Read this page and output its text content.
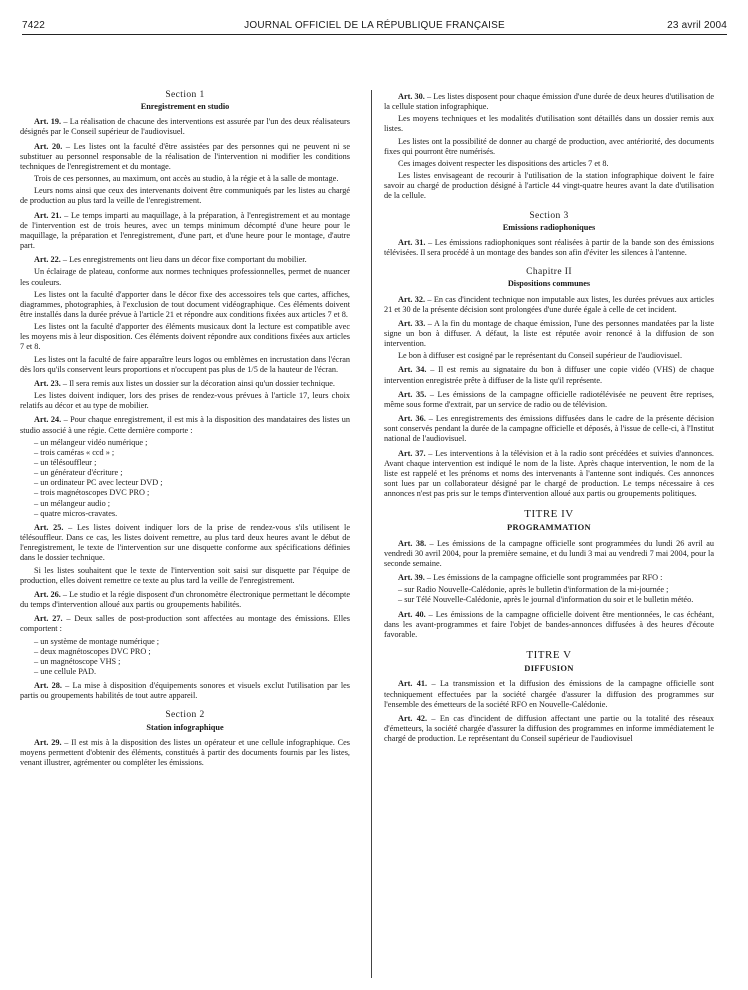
7422	JOURNAL OFFICIEL DE LA RÉPUBLIQUE FRANÇAISE	23 avril 2004
Section 1
Enregistrement en studio

Art. 19. – La réalisation de chacune des interventions est assurée par l'un des deux réalisateurs désignés par le Conseil supérieur de l'audiovisuel.

Art. 20. – Les listes ont la faculté d'être assistées par des personnes qui ne peuvent ni se substituer au personnel responsable de la réalisation de l'intervention ni modifier les conditions techniques de l'enregistrement et du montage.

Trois de ces personnes, au maximum, ont accès au studio, à la régie et à la salle de montage.

Leurs noms ainsi que ceux des intervenants doivent être communiqués par les listes au chargé de production au plus tard la veille de l'enregistrement.

Art. 21. – Le temps imparti au maquillage, à la préparation, à l'enregistrement et au montage de l'intervention est de trois heures, avec un temps minimum décompté d'une heure pour le maquillage, la préparation et l'enregistrement, d'une part, et d'une heure pour le montage, d'autre part.

Art. 22. – Les enregistrements ont lieu dans un décor fixe comportant du mobilier.

Un éclairage de plateau, conforme aux normes techniques professionnelles, permet de nuancer les couleurs.

Les listes ont la faculté d'apporter dans le décor fixe des accessoires tels que cartes, affiches, diagrammes, photographies, à l'exclusion de tout document vidéographique. Ces éléments doivent être installés dans la durée prévue à l'article 21 et répondre aux conditions fixées aux articles 7 et 8.

Les listes ont la faculté d'apporter des éléments musicaux dont la lecture est compatible avec les moyens mis à leur disposition. Ces éléments doivent répondre aux conditions fixées aux articles 7 et 8.

Les listes ont la faculté de faire apparaître leurs logos ou emblèmes en incrustation dans l'écran dès lors qu'ils conservent leurs proportions et n'occupent pas plus de 1/5 de la hauteur de l'écran.

Art. 23. – Il sera remis aux listes un dossier sur la décoration ainsi qu'un dossier technique.

Les listes doivent indiquer, lors des prises de rendez-vous prévues à l'article 17, leurs choix relatifs au décor et au type de mobilier.

Art. 24. – Pour chaque enregistrement, il est mis à la disposition des mandataires des listes un studio associé à une régie. Cette dernière comporte :

– un mélangeur vidéo numérique ;
– trois caméras « ccd » ;
– un télésouffleur ;
– un générateur d'écriture ;
– un ordinateur PC avec lecteur DVD ;
– trois magnétoscopes DVC PRO ;
– un mélangeur audio ;
– quatre micros-cravates.

Art. 25. – Les listes doivent indiquer lors de la prise de rendez-vous s'ils utilisent le télésouffleur. Dans ce cas, les listes doivent remettre, au plus tard deux heures avant le début de l'enregistrement, le texte de l'intervention sur une disquette conforme aux spécifications définies dans le dossier technique.

Si les listes souhaitent que le texte de l'intervention soit saisi sur disquette par l'équipe de production, elles doivent remettre ce texte au plus tard la veille de l'enregistrement.

Art. 26. – Le studio et la régie disposent d'un chronomètre électronique permettant le décompte du temps d'intervention alloué aux partis ou groupements habilités.

Art. 27. – Deux salles de post-production sont affectées au montage des émissions. Elles comportent :

– un système de montage numérique ;
– deux magnétoscopes DVC PRO ;
– un magnétoscope VHS ;
– une cellule PAD.

Art. 28. – La mise à disposition d'équipements sonores et visuels exclut l'utilisation par les partis ou groupements habilités de tout autre appareil.

Section 2
Station infographique

Art. 29. – Il est mis à la disposition des listes un opérateur et une cellule infographique. Ces moyens permettent d'obtenir des éléments, constitués à partir des documents fournis par les listes, venant illustrer, agrémenter ou compléter les émissions.

Art. 30. – Les listes disposent pour chaque émission d'une durée de deux heures d'utilisation de la cellule station infographique.

Les moyens techniques et les modalités d'utilisation sont détaillés dans un dossier remis aux listes.

Les listes ont la possibilité de donner au chargé de production, avec antériorité, des documents fixes qui pourront être numérisés.

Ces images doivent respecter les dispositions des articles 7 et 8.

Les listes envisageant de recourir à l'utilisation de la station infographique doivent le faire savoir au chargé de production désigné à l'article 44 vingt-quatre heures avant la date d'utilisation de la cellule.

Section 3
Emissions radiophoniques

Art. 31. – Les émissions radiophoniques sont réalisées à partir de la bande son des émissions télévisées. Il sera procédé à un montage des bandes son afin d'éviter les silences à l'antenne.

Chapitre II
Dispositions communes

Art. 32. – En cas d'incident technique non imputable aux listes, les durées prévues aux articles 21 et 30 de la présente décision sont prolongées d'une durée égale à celle de cet incident.

Art. 33. – A la fin du montage de chaque émission, l'une des personnes mandatées par la liste signe un bon à diffuser. A défaut, la liste est réputée avoir renoncé à la diffusion de son intervention.

Le bon à diffuser est cosigné par le représentant du Conseil supérieur de l'audiovisuel.

Art. 34. – Il est remis au signataire du bon à diffuser une copie vidéo (VHS) de chaque intervention enregistrée prête à diffuser de la liste qu'il représente.

Art. 35. – Les émissions de la campagne officielle radiotélévisée ne peuvent être reprises, même sous forme d'extrait, par un service de radio ou de télévision.

Art. 36. – Les enregistrements des émissions diffusées dans le cadre de la présente décision sont conservés pendant la durée de la campagne officielle et déposés, à l'issue de celle-ci, à l'Institut national de l'audiovisuel.

Art. 37. – Les interventions à la télévision et à la radio sont précédées et suivies d'annonces. Avant chaque intervention est indiqué le nom de la liste. Après chaque intervention, le nom de la liste est rappelé et les prénoms et noms des intervenants à l'antenne sont indiqués. Ces annonces sont lues par un collaborateur désigné par le chargé de production. Le temps nécessaire à ces annonces n'est pas pris sur le temps d'intervention alloué aux partis ou groupements politiques.

TITRE IV
PROGRAMMATION

Art. 38. – Les émissions de la campagne officielle sont programmées du lundi 26 avril au vendredi 30 avril 2004, pour la première semaine, et du lundi 3 mai au vendredi 7 mai 2004, pour la seconde semaine.

Art. 39. – Les émissions de la campagne officielle sont programmées par RFO :

– sur Radio Nouvelle-Calédonie, après le bulletin d'information de la mi-journée ;
– sur Télé Nouvelle-Calédonie, après le journal d'information du soir et le bulletin météo.

Art. 40. – Les émissions de la campagne officielle doivent être mentionnées, le cas échéant, dans les avant-programmes et faire l'objet de bandes-annonces diffusées à des heures d'écoute favorable.

TITRE V
DIFFUSION

Art. 41. – La transmission et la diffusion des émissions de la campagne officielle sont techniquement effectuées par la société chargée d'assurer la diffusion des programmes sur l'ensemble des émetteurs de la société RFO en Nouvelle-Calédonie.

Art. 42. – En cas d'incident de diffusion affectant une partie ou la totalité des réseaux d'émetteurs, la société chargée d'assurer la diffusion des programmes en informe immédiatement le chargé de production. Le représentant du Conseil supérieur de l'audiovisuel
